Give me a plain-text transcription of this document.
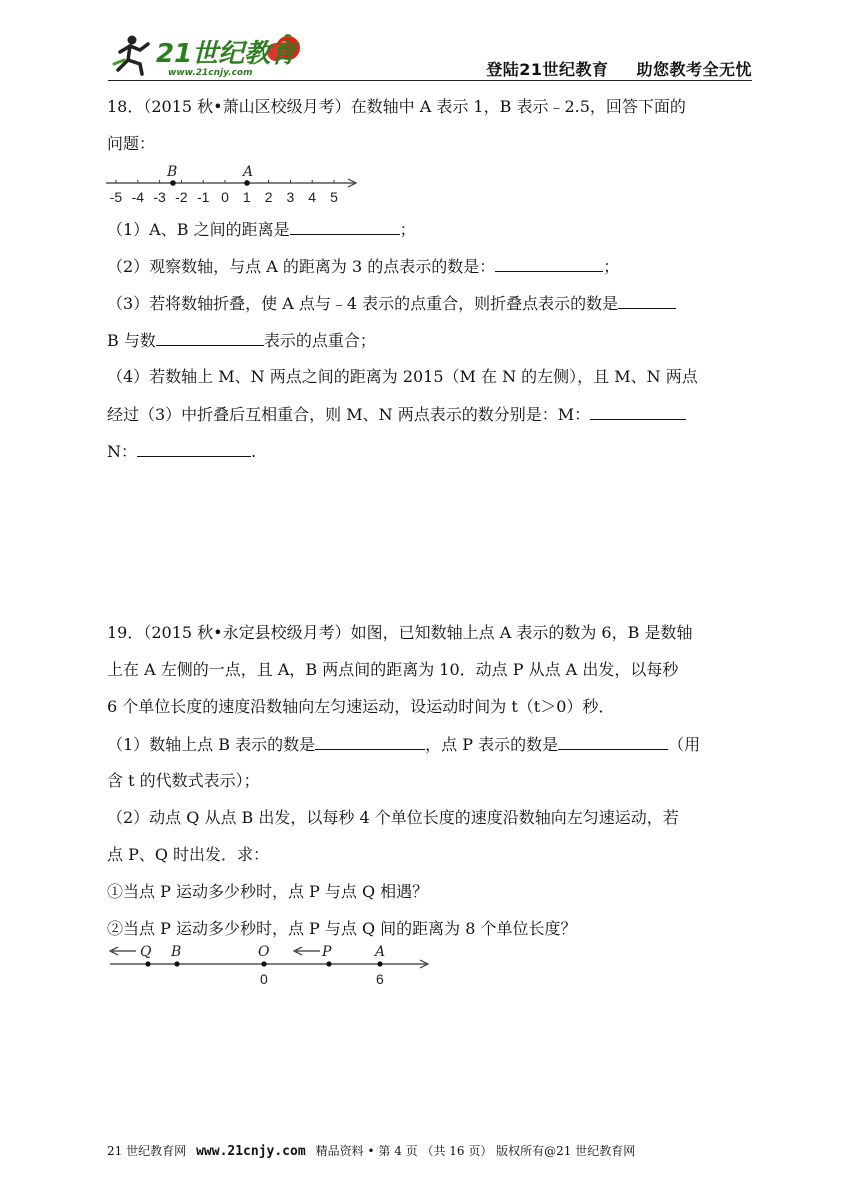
21世纪教育
www.21cnjy.com	登陆21世纪教育 助您教考全无忧
18．（2015 秋•萧山区校级月考）在数轴中 A 表示 1，B 表示﹣2.5，回答下面的
问题：
-5 -4 -3 -2 -1 0 1 2 3 4 5
B	A
（1）A、B 之间的距离是	；
（2）观察数轴，与点 A 的距离为 3 的点表示的数是：	；
（3）若将数轴折叠，使 A 点与﹣4 表示的点重合，则折叠点表示的数是
B 与数	表示的点重合；
（4）若数轴上 M、N 两点之间的距离为 2015（M 在 N 的左侧），且 M、N 两点
经过（3）中折叠后互相重合，则 M、N 两点表示的数分别是：M：
N：	.
19．（2015 秋•永定县校级月考）如图，已知数轴上点 A 表示的数为 6，B 是数轴
上在 A 左侧的一点，且 A，B 两点间的距离为 10．动点 P 从点 A 出发，以每秒
6 个单位长度的速度沿数轴向左匀速运动，设运动时间为 t（t＞0）秒．
（1）数轴上点 B 表示的数是	，点 P 表示的数是	（用
含 t 的代数式表示）；
（2）动点 Q 从点 B 出发，以每秒 4 个单位长度的速度沿数轴向左匀速运动，若
点 P、Q 时出发．求：
①当点 P 运动多少秒时，点 P 与点 Q 相遇？
②当点 P 运动多少秒时，点 P 与点 Q 间的距离为 8 个单位长度？
Q B	O	P	A
0	6
21 世纪教育网 www.21cnjy.com 精品资料 • 第 4 页 （共 16 页） 版权所有@21 世纪教育网
